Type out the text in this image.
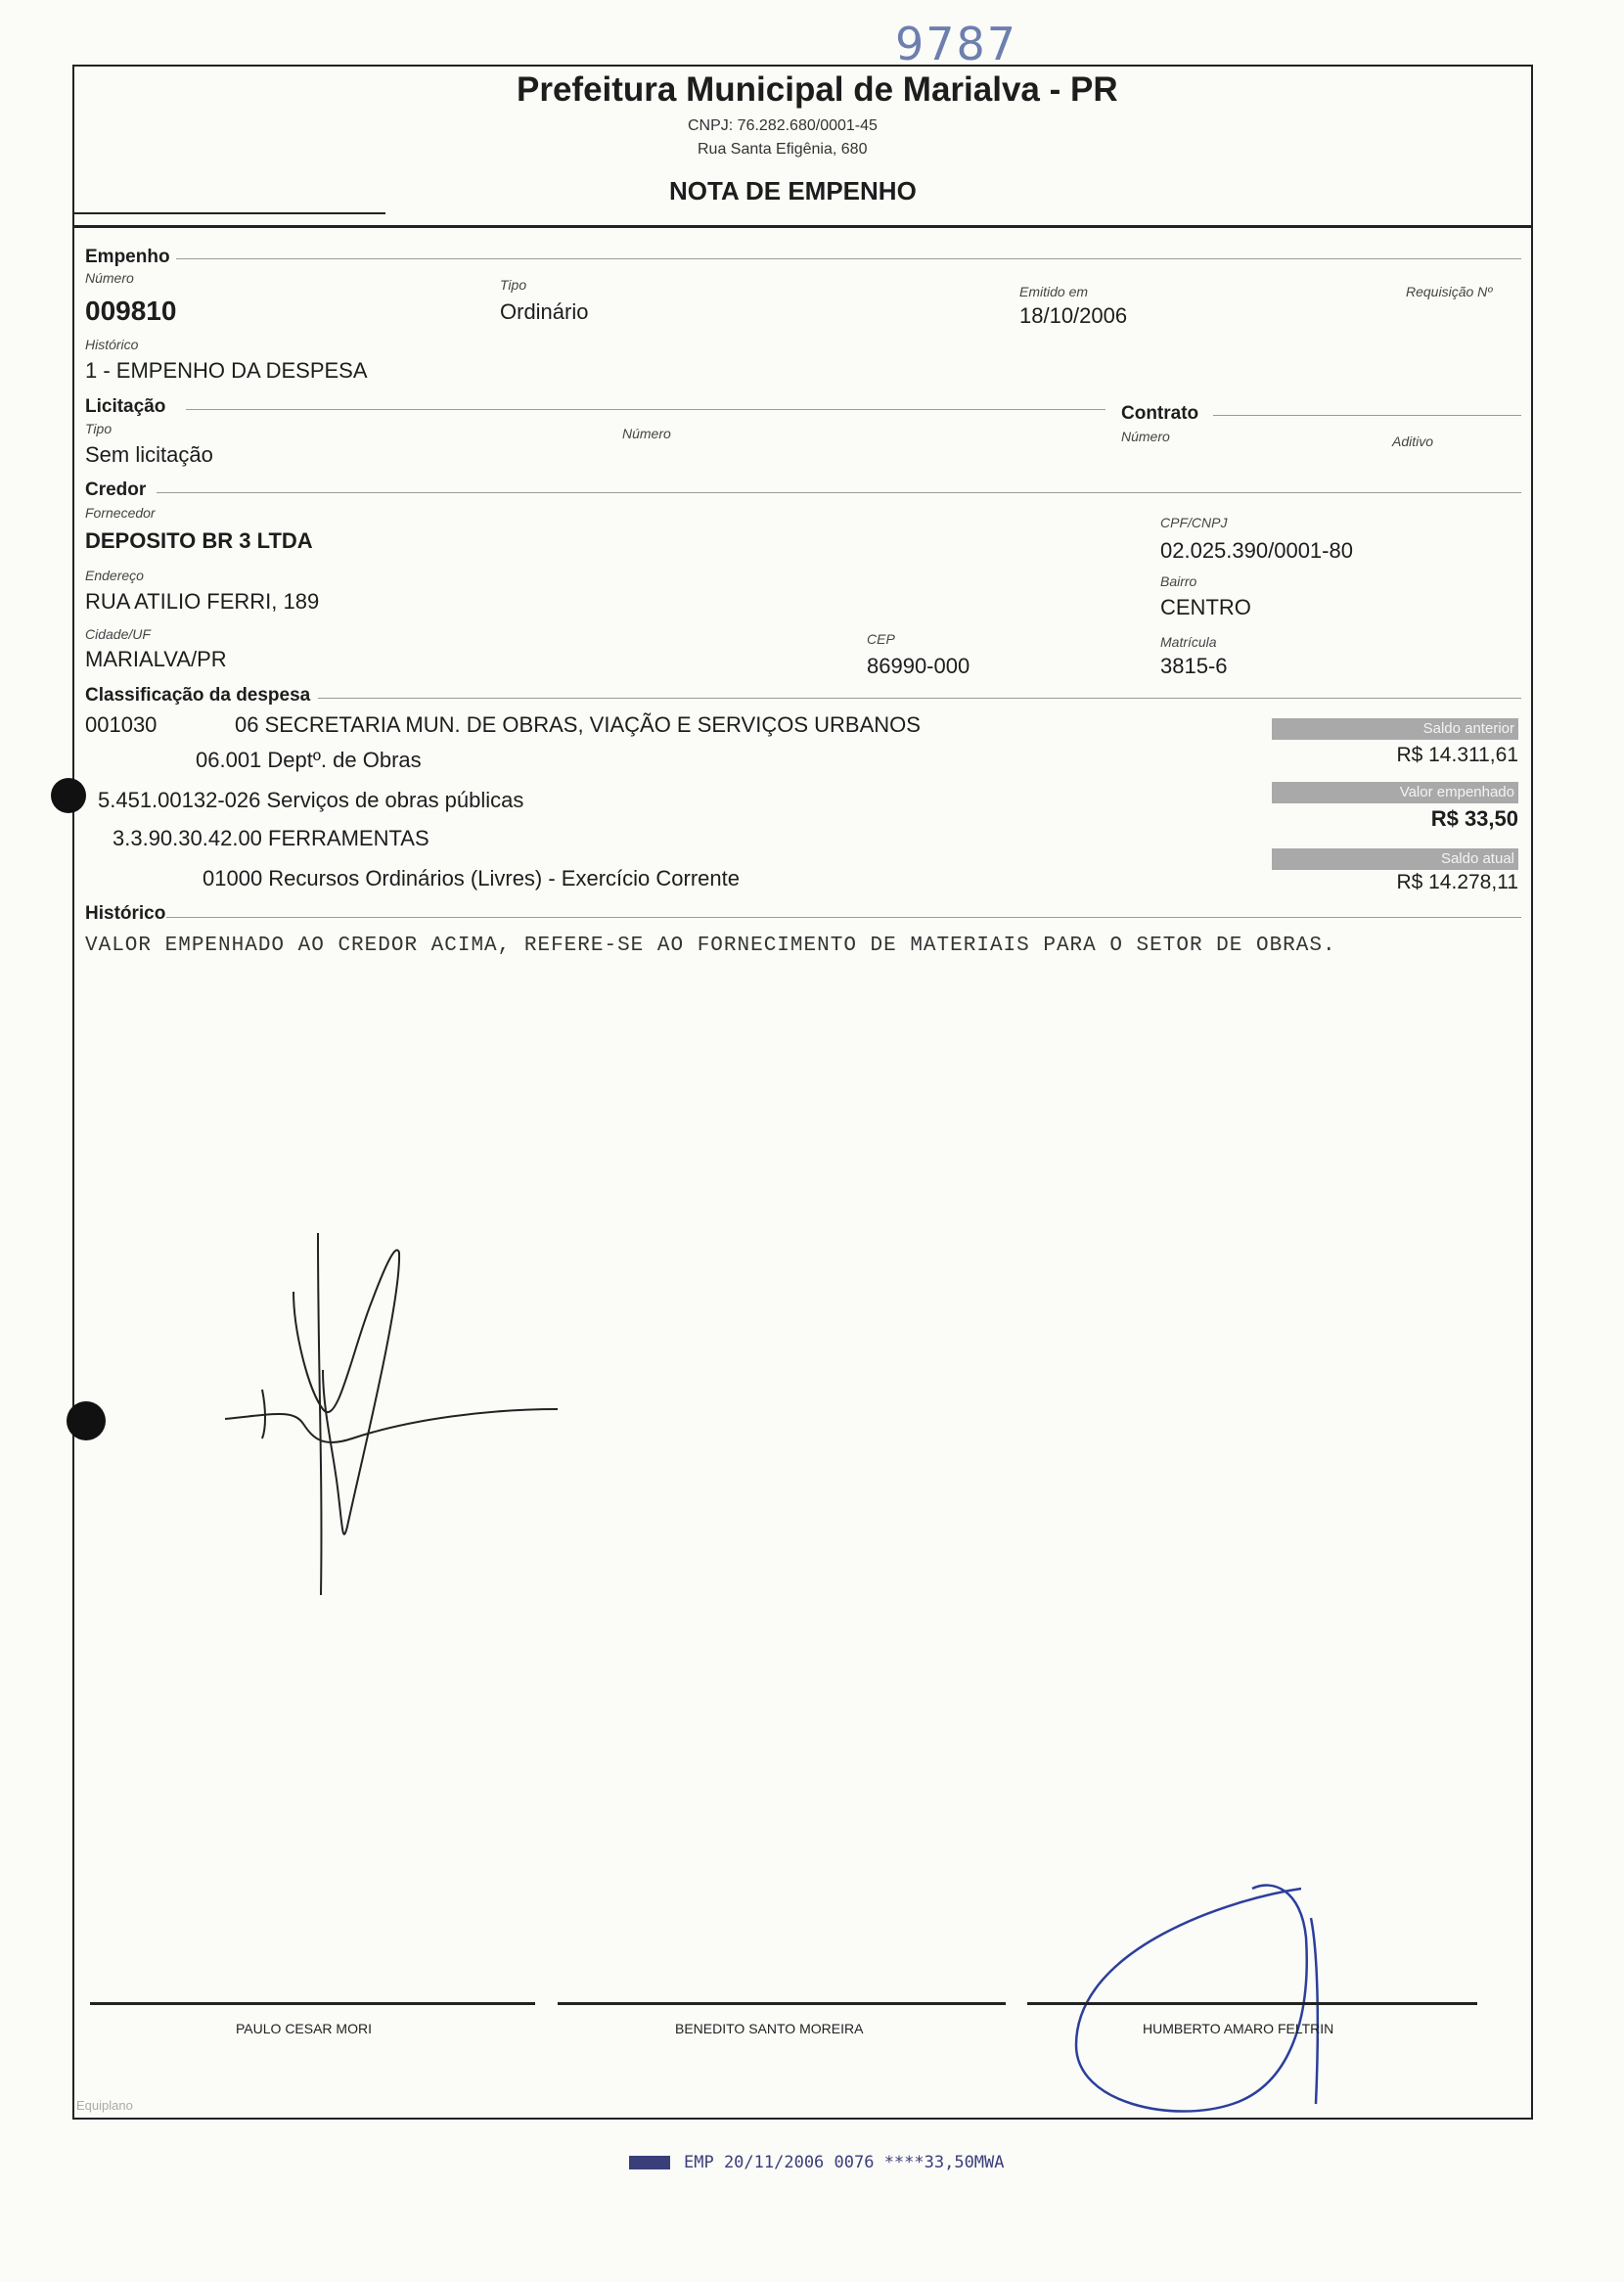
9787
Prefeitura Municipal de Marialva - PR
CNPJ: 76.282.680/0001-45
Rua Santa Efigênia, 680
NOTA DE EMPENHO
Empenho
Número
009810
Tipo
Ordinário
Emitido em
18/10/2006
Requisição Nº
Histórico
1 - EMPENHO DA DESPESA
Licitação	Contrato
Tipo
Sem licitação
Número	Número	Aditivo
Credor
Fornecedor
DEPOSITO BR 3 LTDA
CPF/CNPJ
02.025.390/0001-80
Endereço
RUA ATILIO FERRI, 189
Bairro
CENTRO
Cidade/UF
MARIALVA/PR
CEP
86990-000
Matrícula
3815-6
Classificação da despesa
001030	06 SECRETARIA MUN. DE OBRAS, VIAÇÃO E SERVIÇOS URBANOS
06.001 Deptº. de Obras
5.451.00132-026 Serviços de obras públicas
3.3.90.30.42.00 FERRAMENTAS
01000 Recursos Ordinários (Livres) - Exercício Corrente
Saldo anterior
R$ 14.311,61
Valor empenhado
R$ 33,50
Saldo atual
R$ 14.278,11
Histórico
VALOR EMPENHADO AO CREDOR ACIMA, REFERE-SE AO FORNECIMENTO DE MATERIAIS PARA O SETOR DE OBRAS.
PAULO CESAR MORI	BENEDITO SANTO MOREIRA	HUMBERTO AMARO FELTRIN
Equiplano
EMP 20/11/2006 0076 ****33,50MWA
